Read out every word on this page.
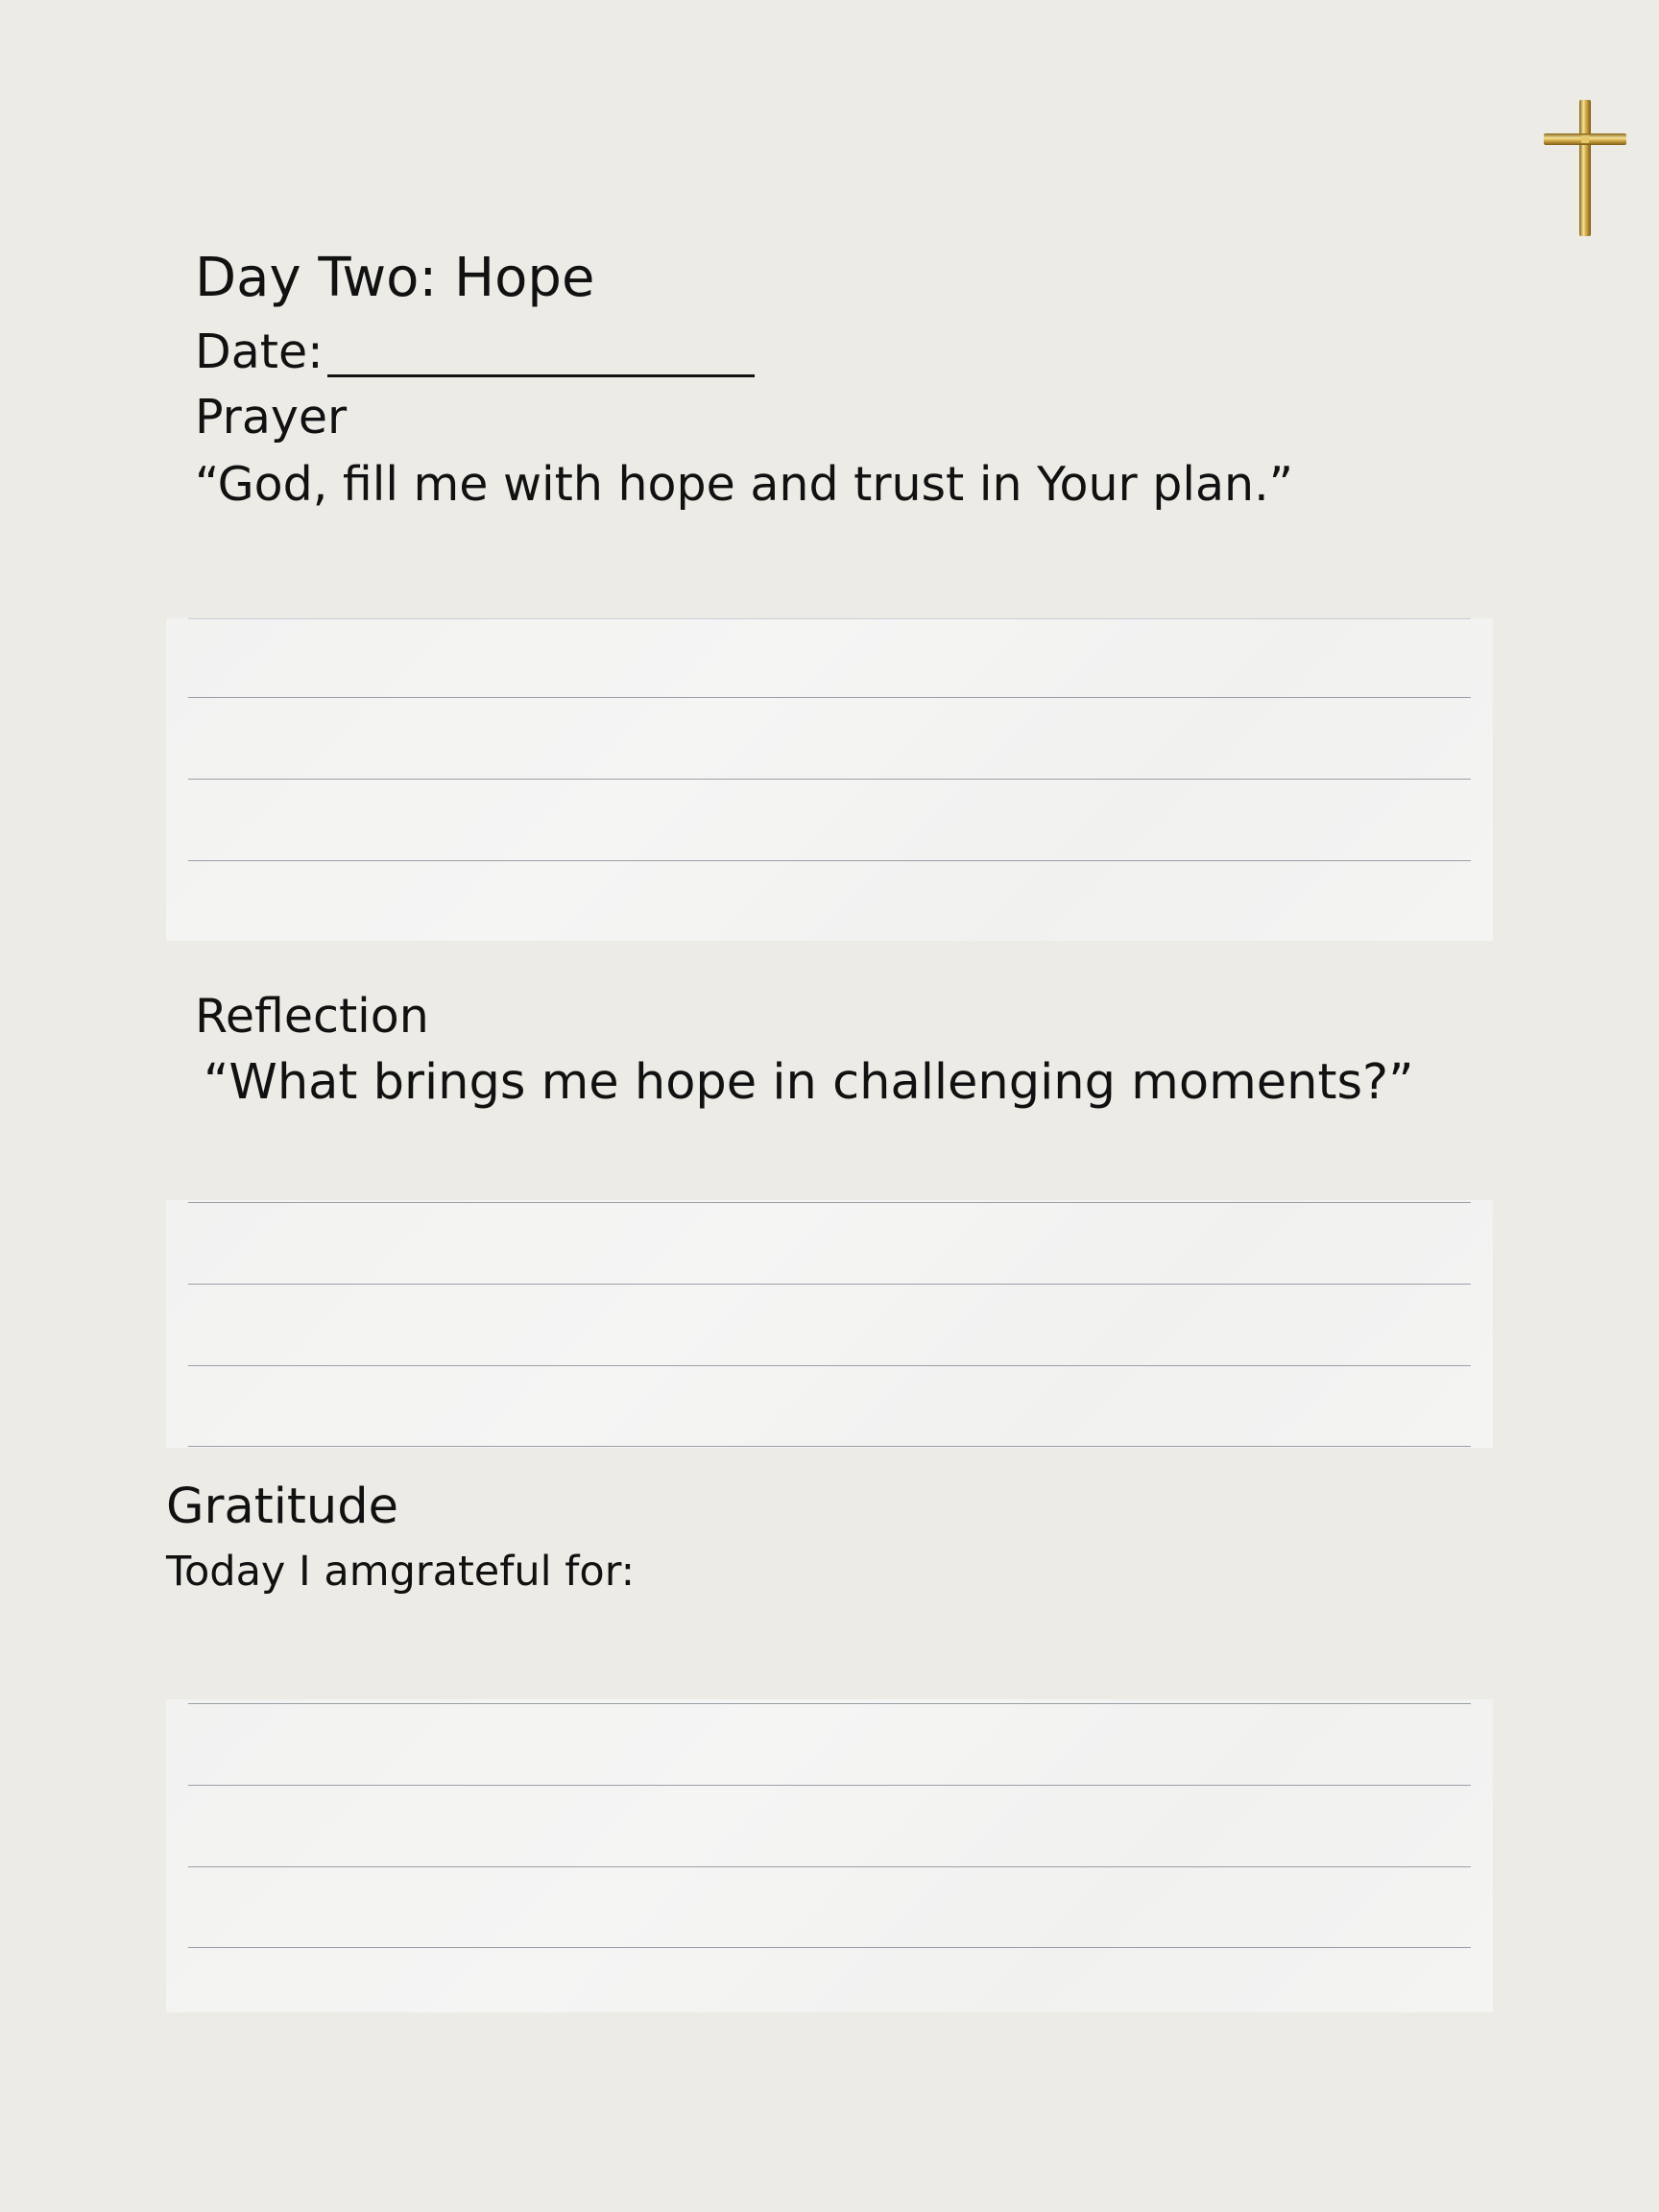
Day Two: Hope
Date:
Prayer
“God, fill me with hope and trust in Your plan.”
Reflection
“What brings me hope in challenging moments?”
Gratitude
Today I amgrateful for:
